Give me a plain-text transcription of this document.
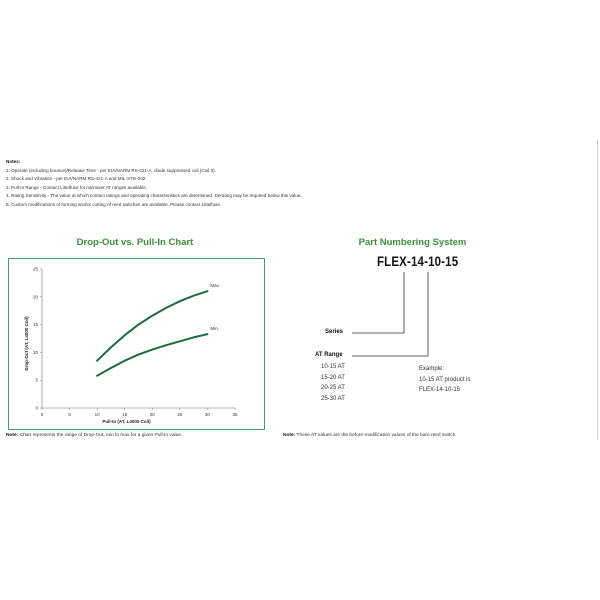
Notes:
1. Operate (including bounce)/Release Time - per EIA/NARM RS-421-A, diode suppressed coil (Coil II).
2. Shock and Vibration - per EIA/NARM RS-421-A and MIL-STD-202.
3. Pull-In Range - Contact Littelfuse for narrower AT ranges available.
4. Rating Sensitivity - The value at which contact ratings and operating characteristics are determined. Derating may be required below this value.
5. Custom modifications of forming and/or cutting of reed switches are available. Please contact Littelfuse.
Drop-Out vs. Pull-In Chart
0	5	10	15	20	25	30	35
0
5
10
15
20
25
Pull-In (AT, L4000 Coil)
Drop-Out (AT, L4000 Coil)
Max.
Min.
Note: Chart represents the range of Drop-Out, min to max for a given Pull-In value.
Part Numbering System
FLEX-14-10-15
Series
AT Range
10-15 AT
15-20 AT
20-25 AT
25-30 AT
Example:
10-15 AT product is
FLEX-14-10-15
Note: These AT values are the before-modification values of the bare reed switch.
